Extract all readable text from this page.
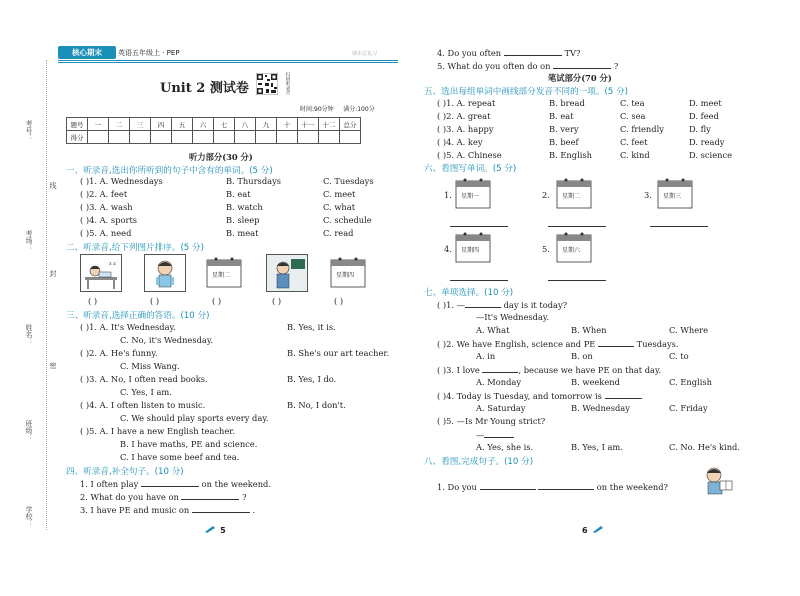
考号：
考场：
姓名：
班级：
学校：
线
封
密
核心期末	英语五年级上 · PEP	期末总复习
Unit 2 测试卷	扫码听录音
时间:90分钟 满分:100分
题号	一	二	三	四	五	六	七	八	九	十	十一	十二	总分
得分													
听力部分(30 分)
一、听录音,选出你所听到的句子中含有的单词。(5 分)
( )1. A. Wednesdays	B. Thursdays	C. Tuesdays
( )2. A. feet	B. eat	C. meet
( )3. A. wash	B. watch	C. what
( )4. A. sports	B. sleep	C. schedule
( )5. A. need	B. meat	C. read
二、听录音,给下列图片排序。(5 分)
z z
星期二	星期四
( )	( )	( )	( )	( )
三、听录音,选择正确的答语。(10 分)
( )1. A. It's Wednesday.	B. Yes, it is.
C. No, it's Wednesday.
( )2. A. He's funny.	B. She's our art teacher.
C. Miss Wang.
( )3. A. No, I often read books.	B. Yes, I do.
C. Yes, I am.
( )4. A. I often listen to music.	B. No, I don't.
C. We should play sports every day.
( )5. A. I have a new English teacher.
B. I have maths, PE and science.
C. I have some beef and tea.
四、听录音,补全句子。(10 分)
1. I often play	on the weekend.
2. What do you have on	?
3. I have PE and music on	.
5
4. Do you often	TV?
5. What do you often do on	?
笔试部分(70 分)
五、选出每组单词中画线部分发音不同的一项。(5 分)
( )1. A. repeat	B. bread	C. tea	D. meet
( )2. A. great	B. eat	C. sea	D. feed
( )3. A. happy	B. very	C. friendly	D. fly
( )4. A. key	B. beef	C. feet	D. ready
( )5. A. Chinese	B. English	C. kind	D. science
六、看图写单词。(5 分)
1. 星期一	2. 星期二	3. 星期三
4. 星期四	5. 星期六
七、单项选择。(10 分)
( )1. —	day is it today?
—It's Wednesday.
A. What	B. When	C. Where
( )2. We have English, science and PE	Tuesdays.
A. in	B. on	C. to
( )3. I love	, because we have PE on that day.
A. Monday	B. weekend	C. English
( )4. Today is Tuesday, and tomorrow is	.
A. Saturday	B. Wednesday	C. Friday
( )5. —Is Mr Young strict?
—
A. Yes, she is.	B. Yes, I am.	C. No. He's kind.
八、看图,完成句子。(10 分)
1. Do you	on the weekend?
6
